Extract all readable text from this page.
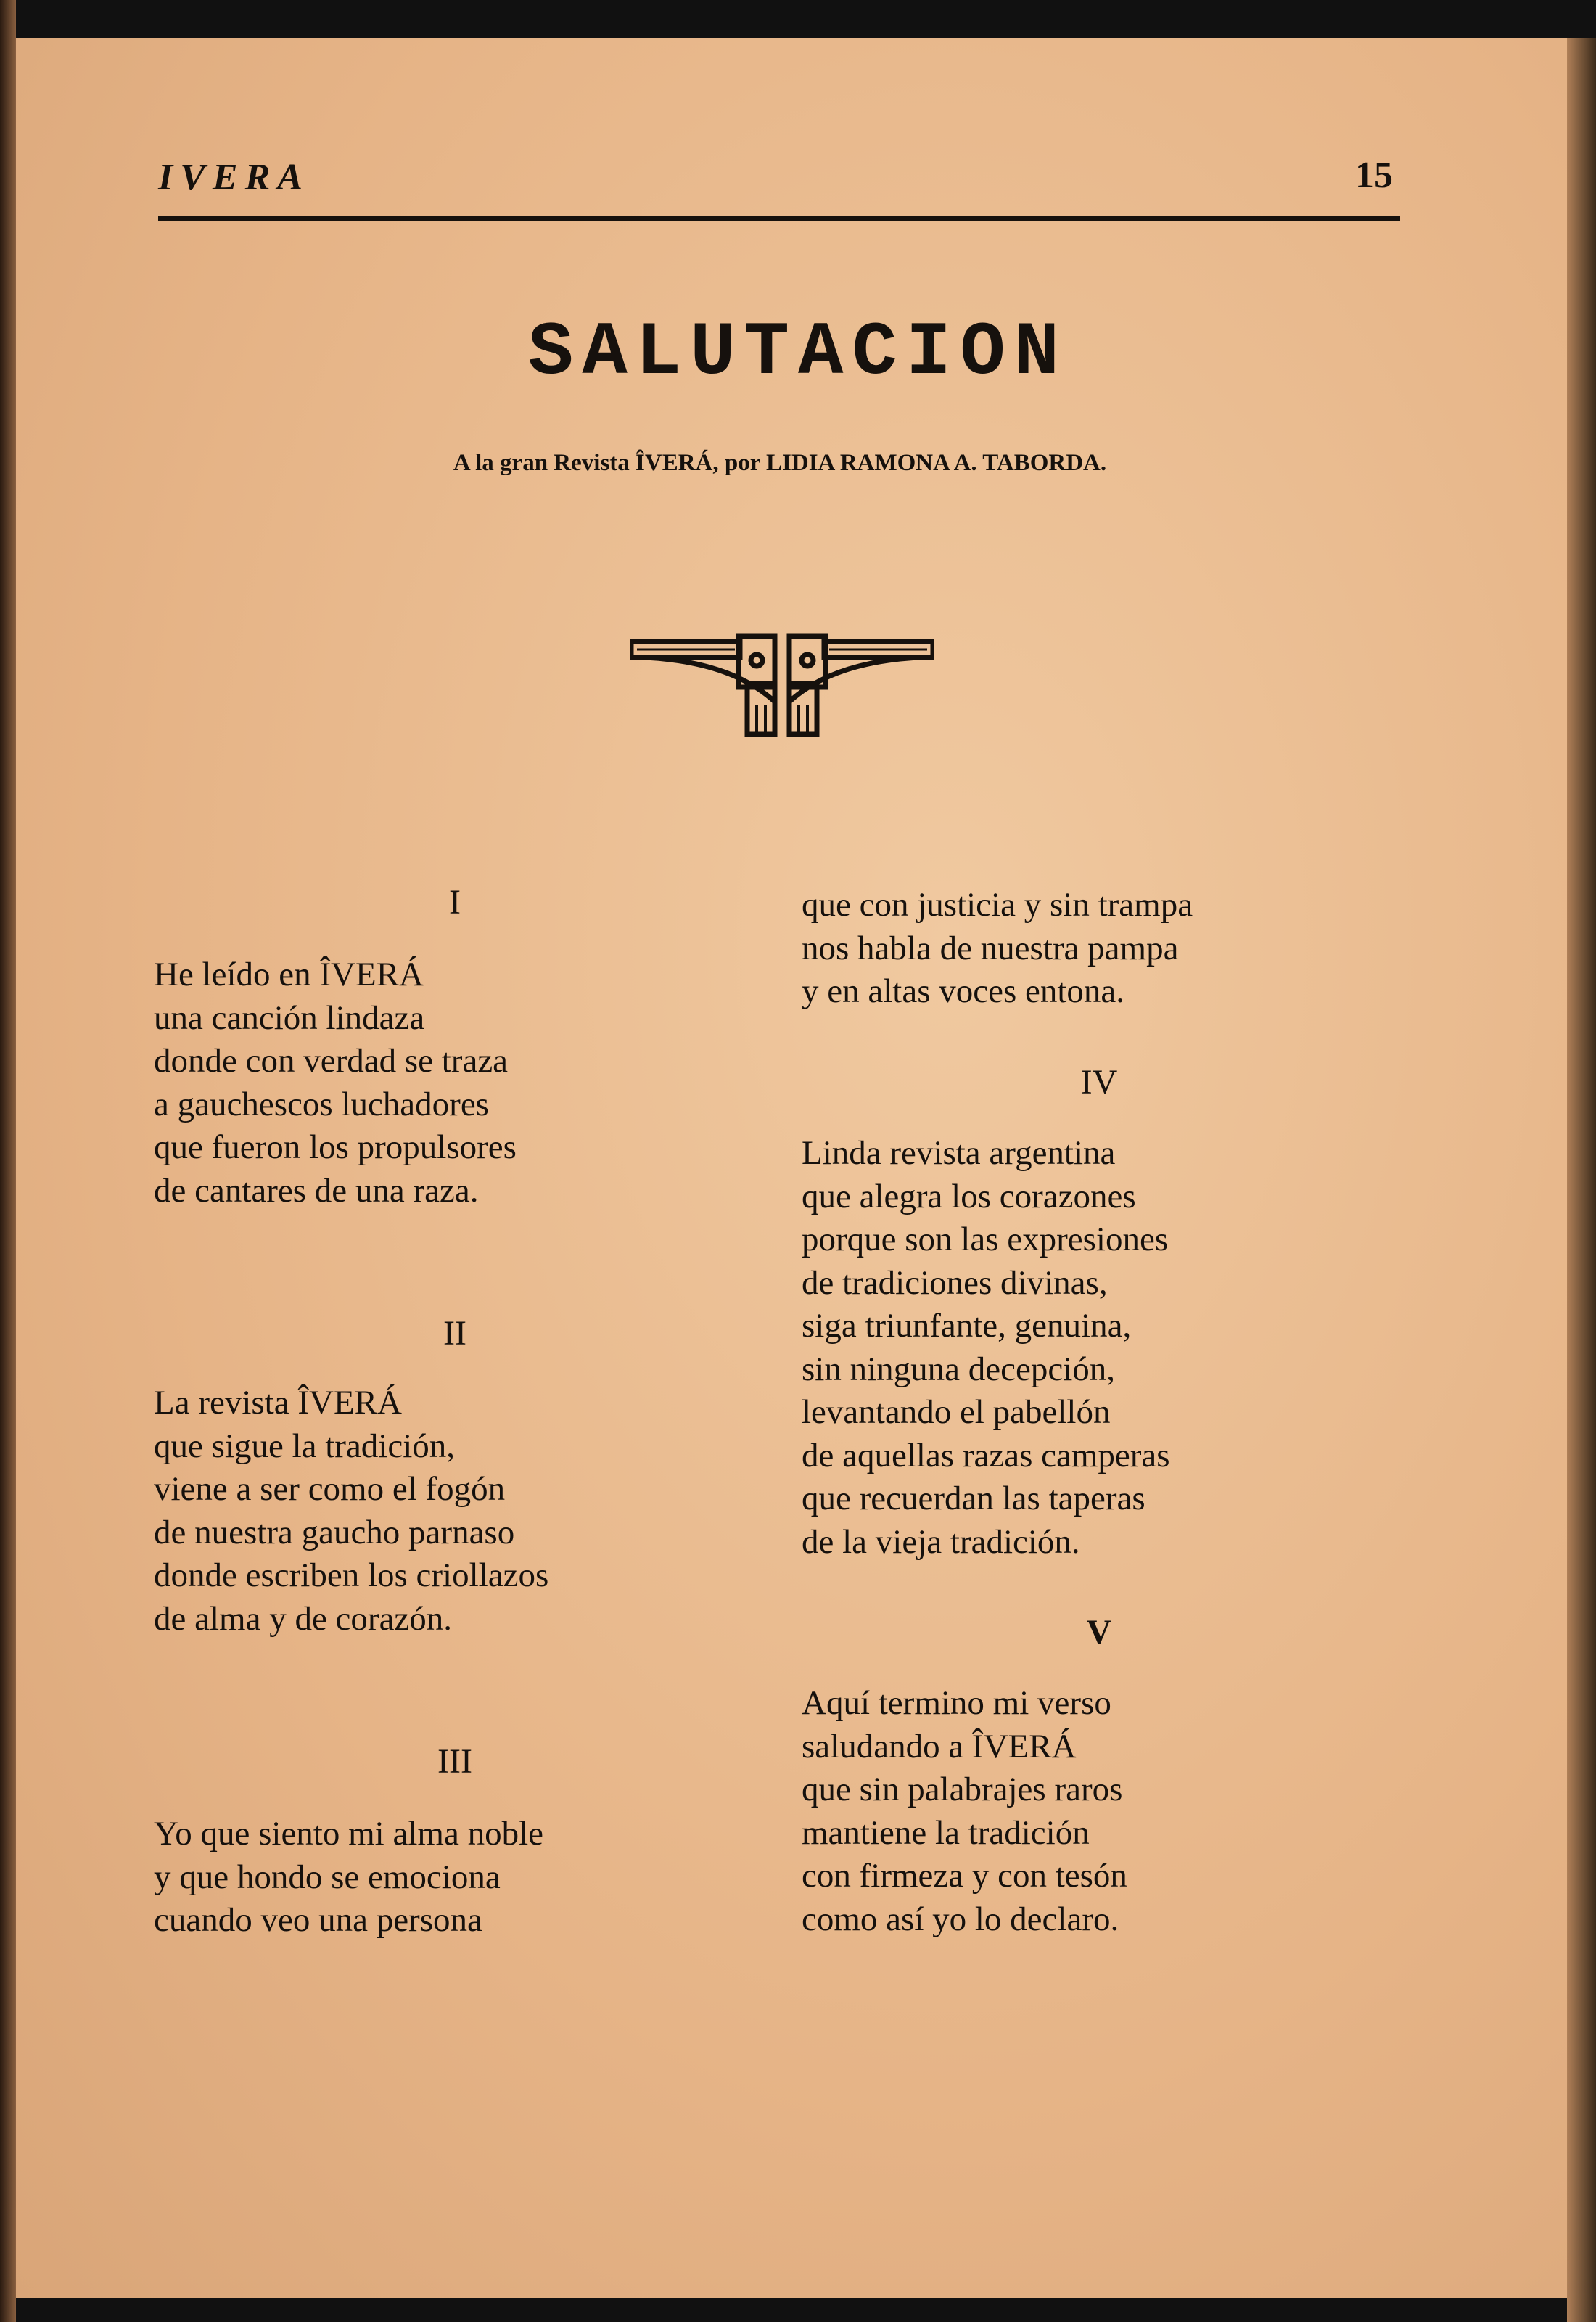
IVERA	15
SALUTACION
A la gran Revista ÎVERÁ, por LIDIA RAMONA A. TABORDA.
I
He leído en ÎVERÁ
una canción lindaza
donde con verdad se traza
a gauchescos luchadores
que fueron los propulsores
de cantares de una raza.
II
La revista ÎVERÁ
que sigue la tradición,
viene a ser como el fogón
de nuestra gaucho parnaso
donde escriben los criollazos
de alma y de corazón.
III
Yo que siento mi alma noble
y que hondo se emociona
cuando veo una persona
que con justicia y sin trampa
nos habla de nuestra pampa
y en altas voces entona.
IV
Linda revista argentina
que alegra los corazones
porque son las expresiones
de tradiciones divinas,
siga triunfante, genuina,
sin ninguna decepción,
levantando el pabellón
de aquellas razas camperas
que recuerdan las taperas
de la vieja tradición.
V
Aquí termino mi verso
saludando a ÎVERÁ
que sin palabrajes raros
mantiene la tradición
con firmeza y con tesón
como así yo lo declaro.
